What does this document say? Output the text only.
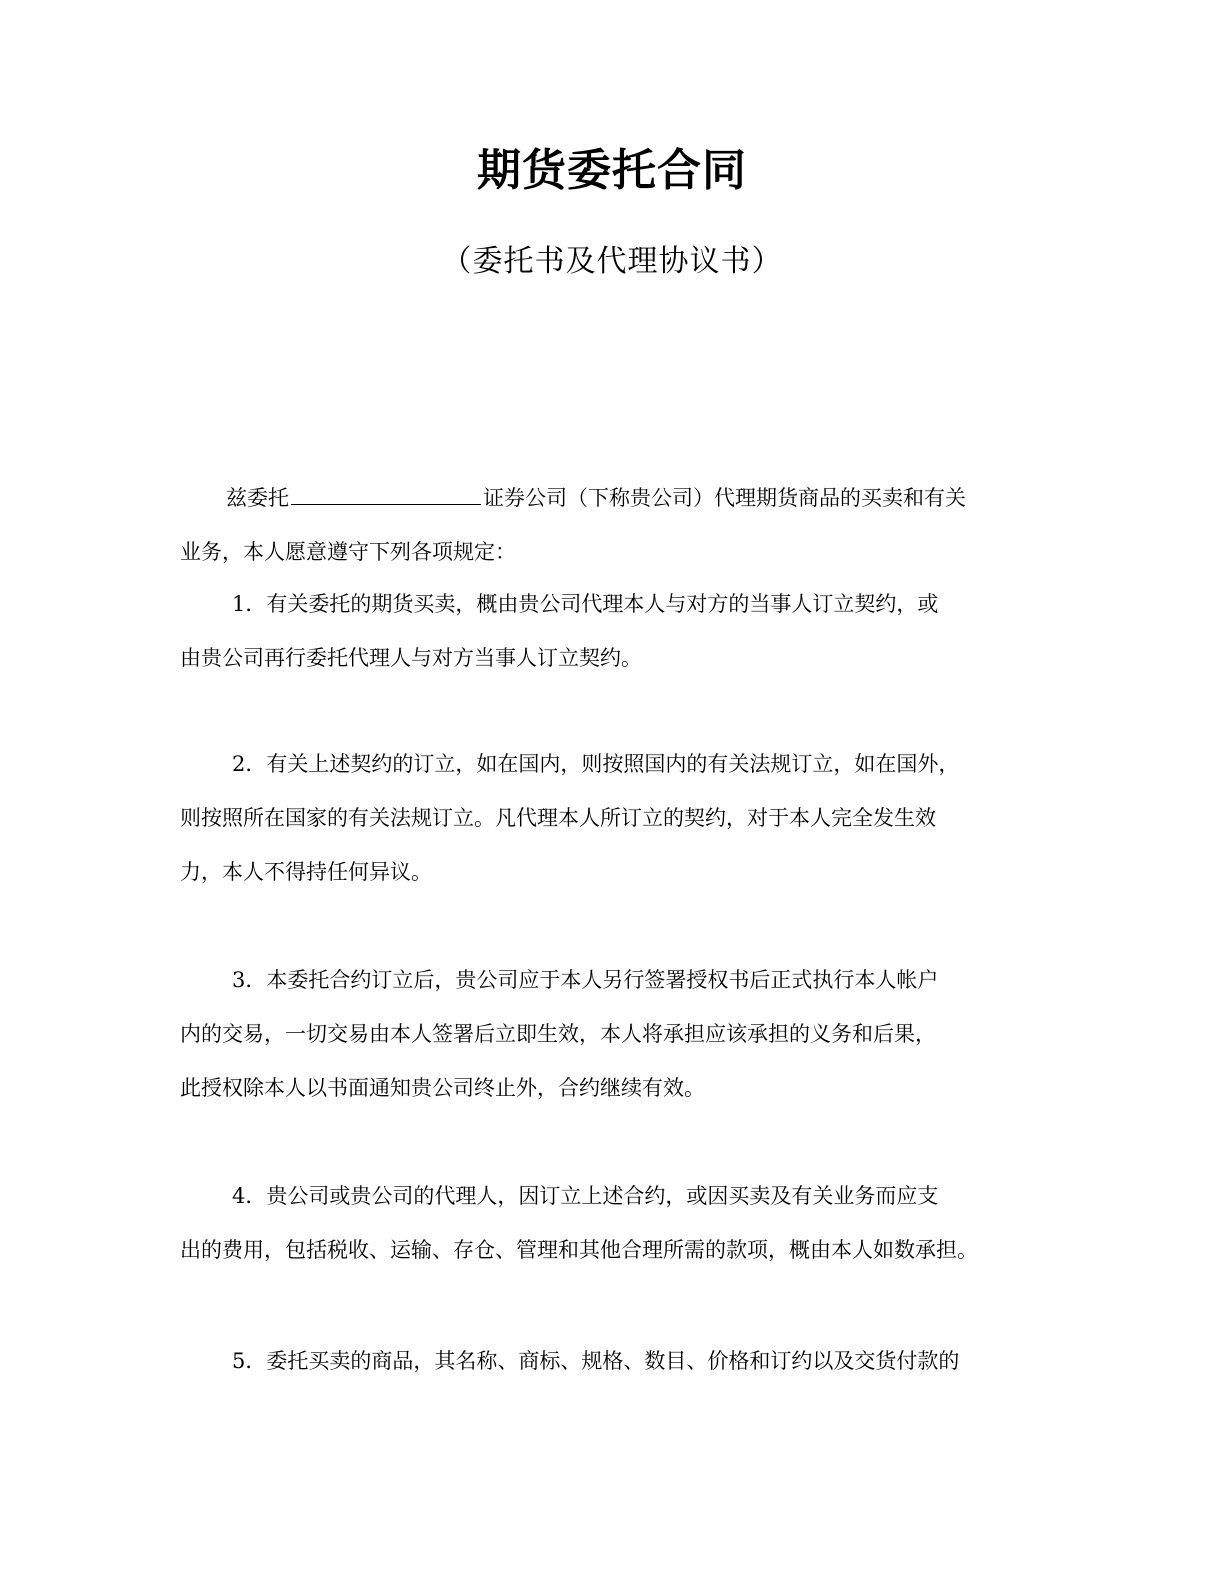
期货委托合同
（委托书及代理协议书）
兹委托	证券公司（下称贵公司）代理期货商品的买卖和有关
业务，本人愿意遵守下列各项规定：
1．有关委托的期货买卖，概由贵公司代理本人与对方的当事人订立契约，或
由贵公司再行委托代理人与对方当事人订立契约。
2．有关上述契约的订立，如在国内，则按照国内的有关法规订立，如在国外，
则按照所在国家的有关法规订立。凡代理本人所订立的契约，对于本人完全发生效
力，本人不得持任何异议。
3．本委托合约订立后，贵公司应于本人另行签署授权书后正式执行本人帐户
内的交易，一切交易由本人签署后立即生效，本人将承担应该承担的义务和后果，
此授权除本人以书面通知贵公司终止外，合约继续有效。
4．贵公司或贵公司的代理人，因订立上述合约，或因买卖及有关业务而应支
出的费用，包括税收、运输、存仓、管理和其他合理所需的款项，概由本人如数承担。
5．委托买卖的商品，其名称、商标、规格、数目、价格和订约以及交货付款的
